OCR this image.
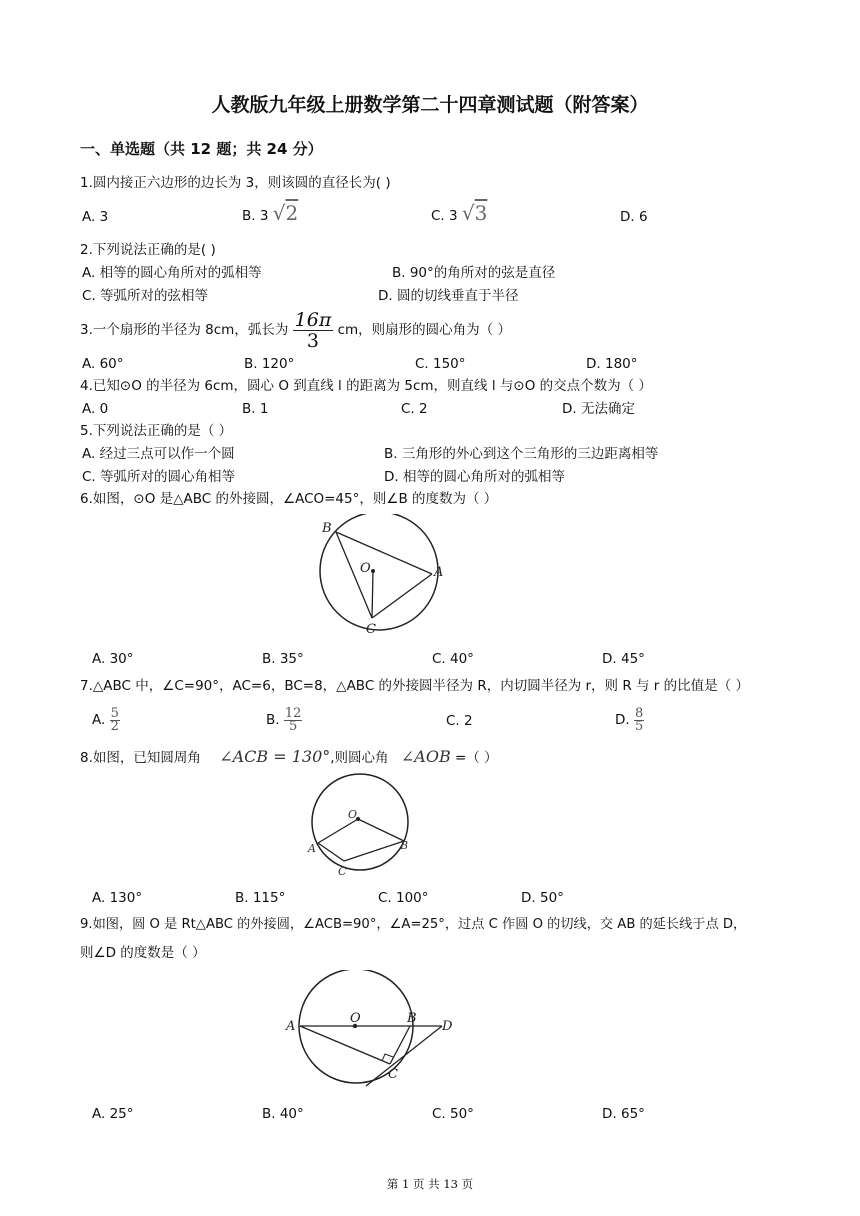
人教版九年级上册数学第二十四章测试题（附答案）
一、单选题（共 12 题；共 24 分）
1.圆内接正六边形的边长为 3，则该圆的直径长为( )
A. 3	B. 3 √2	C. 3 √3	D. 6
2.下列说法正确的是( )
A. 相等的圆心角所对的弧相等	B. 90°的角所对的弦是直径
C. 等弧所对的弦相等	D. 圆的切线垂直于半径
3.一个扇形的半径为 8cm，弧长为 $\frac{16\pi}{3}$ cm，则扇形的圆心角为（ ）
A. 60°	B. 120°	C. 150°	D. 180°
4.已知⊙O 的半径为 6cm，圆心 O 到直线 l 的距离为 5cm，则直线 l 与⊙O 的交点个数为（ ）
A. 0	B. 1	C. 2	D. 无法确定
5.下列说法正确的是（ ）
A. 经过三点可以作一个圆	B. 三角形的外心到这个三角形的三边距离相等
C. 等弧所对的圆心角相等	D. 相等的圆心角所对的弧相等
6.如图，⊙O 是△ABC 的外接圆，∠ACO=45°，则∠B 的度数为（ ）
B
O	A
C
A. 30°	B. 35°	C. 40°	D. 45°
7.△ABC 中，∠C=90°，AC=6，BC=8，△ABC 的外接圆半径为 R，内切圆半径为 r，则 R 与 r 的比值是（ ）
A. $\frac{5}{2}$	B. $\frac{12}{5}$	C. 2	D. $\frac{8}{5}$
8.如图，已知圆周角 ∠ACB = 130°,则圆心角 ∠AOB =（ ）
O
A	B
C
A. 130°	B. 115°	C. 100°	D. 50°
9.如图，圆 O 是 Rt△ABC 的外接圆，∠ACB=90°，∠A=25°，过点 C 作圆 O 的切线，交 AB 的延长线于点 D，
则∠D 的度数是（ ）
A
O	B
D
C
A. 25°	B. 40°	C. 50°	D. 65°
第 1 页 共 13 页
